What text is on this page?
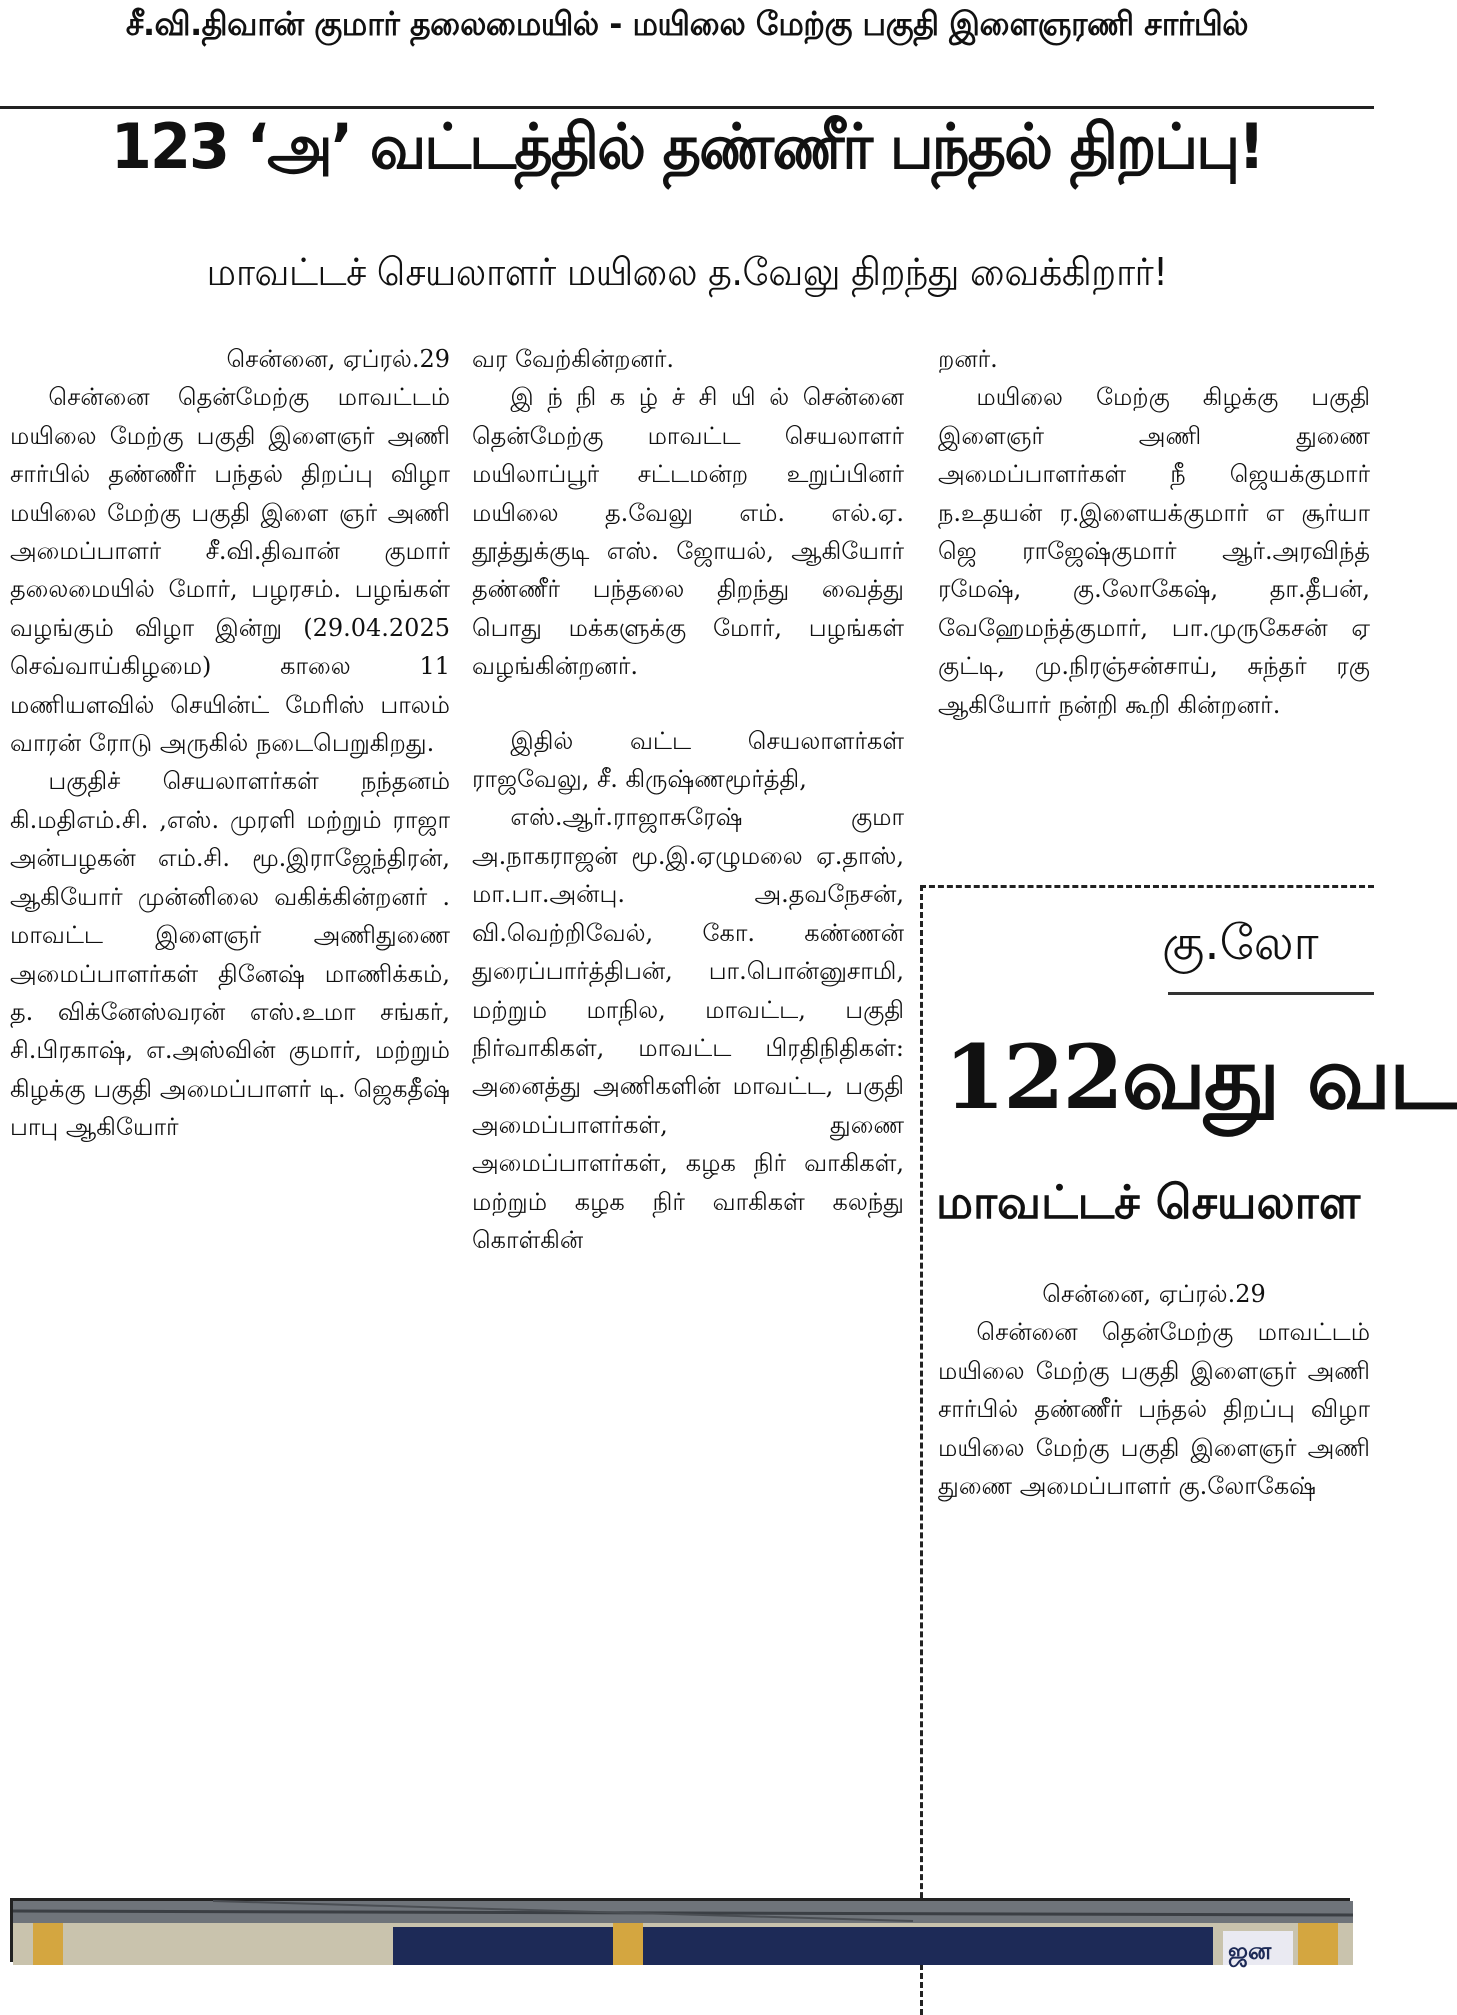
சீ.வி.திவான் குமார் தலைமையில் - மயிலை மேற்கு பகுதி இளைஞரணி சார்பில்
123 ‘அ’ வட்டத்தில் தண்ணீர் பந்தல் திறப்பு!
மாவட்டச் செயலாளர் மயிலை த.வேலு திறந்து வைக்கிறார்!

சென்னை, ஏப்ரல்.29

சென்னை தென்மேற்கு மாவட்டம் மயிலை மேற்கு பகுதி இளைஞர் அணி சார்பில் தண்ணீர் பந்தல் திறப்பு விழா மயிலை மேற்கு பகுதி இளை ஞர் அணி அமைப்பாளர் சீ.வி.திவான் குமார் தலைமையில் மோர், பழரசம். பழங்கள் வழங்கும் விழா இன்று (29.04.2025 செவ்வாய்கிழமை) காலை 11 மணியளவில் செயின்ட் மேரிஸ் பாலம் வாரன் ரோடு அருகில் நடைபெறுகிறது.

பகுதிச் செயலாளர்கள் நந்தனம் கி.மதிஎம்.சி. ,எஸ். முரளி மற்றும் ராஜா அன்பழகன் எம்.சி. மூ.இராஜேந்திரன், ஆகியோர் முன்னிலை வகிக்கின்றனர் . மாவட்ட இளைஞர் அணிதுணை அமைப்பாளர்கள் தினேஷ் மாணிக்கம், த. விக்னேஸ்வரன் எஸ்.உமா சங்கர், சி.பிரகாஷ், எ.அஸ்வின் குமார், மற்றும் கிழக்கு பகுதி அமைப்பாளர் டி. ஜெகதீஷ் பாபு ஆகியோர்

வர வேற்கின்றனர்.

இ ந் நி க ழ் ச் சி யி ல் சென்னை தென்மேற்கு மாவட்ட செயலாளர் மயிலாப்பூர் சட்டமன்ற உறுப்பினர் மயிலை த.வேலு எம். எல்.ஏ. தூத்துக்குடி எஸ். ஜோயல், ஆகியோர் தண்ணீர் பந்தலை திறந்து வைத்து பொது மக்களுக்கு மோர், பழங்கள் வழங்கின்றனர்.

இதில் வட்ட செயலாளர்கள் ராஜவேலு, சீ. கிருஷ்ணமூர்த்தி,

எஸ்.ஆர்.ராஜாசுரேஷ் குமா அ.நாகராஜன் மூ.இ.ஏழுமலை ஏ.தாஸ், மா.பா.அன்பு. அ.தவநேசன், வி.வெற்றிவேல், கோ. கண்ணன் துரைப்பார்த்திபன், பா.பொன்னுசாமி, மற்றும் மாநில, மாவட்ட, பகுதி நிர்வாகிகள், மாவட்ட பிரதிநிதிகள்: அனைத்து அணிகளின் மாவட்ட, பகுதி அமைப்பாளர்கள், துணை அமைப்பாளர்கள், கழக நிர் வாகிகள், மற்றும் கழக நிர் வாகிகள் கலந்து கொள்கின்

றனர்.

மயிலை மேற்கு கிழக்கு பகுதி இளைஞர் அணி துணை அமைப்பாளர்கள் நீ ஜெயக்குமார் ந.உதயன் ர.இளையக்குமார் எ சூர்யா ஜெ ராஜேஷ்குமார் ஆர்.அரவிந்த் ரமேஷ், கு.லோகேஷ், தா.தீபன், வேஹேமந்த்குமார், பா.முருகேசன் ஏ குட்டி, மு.நிரஞ்சன்சாய், சுந்தர் ரகு ஆகியோர் நன்றி கூறி கின்றனர்.

கு.லோ
122வது வட
மாவட்டச் செயலாள

சென்னை, ஏப்ரல்.29

சென்னை தென்மேற்கு மாவட்டம் மயிலை மேற்கு பகுதி இளைஞர் அணி சார்பில் தண்ணீர் பந்தல் திறப்பு விழா மயிலை மேற்கு பகுதி இளைஞர் அணி துணை அமைப்பாளர் கு.லோகேஷ்

ஜன
